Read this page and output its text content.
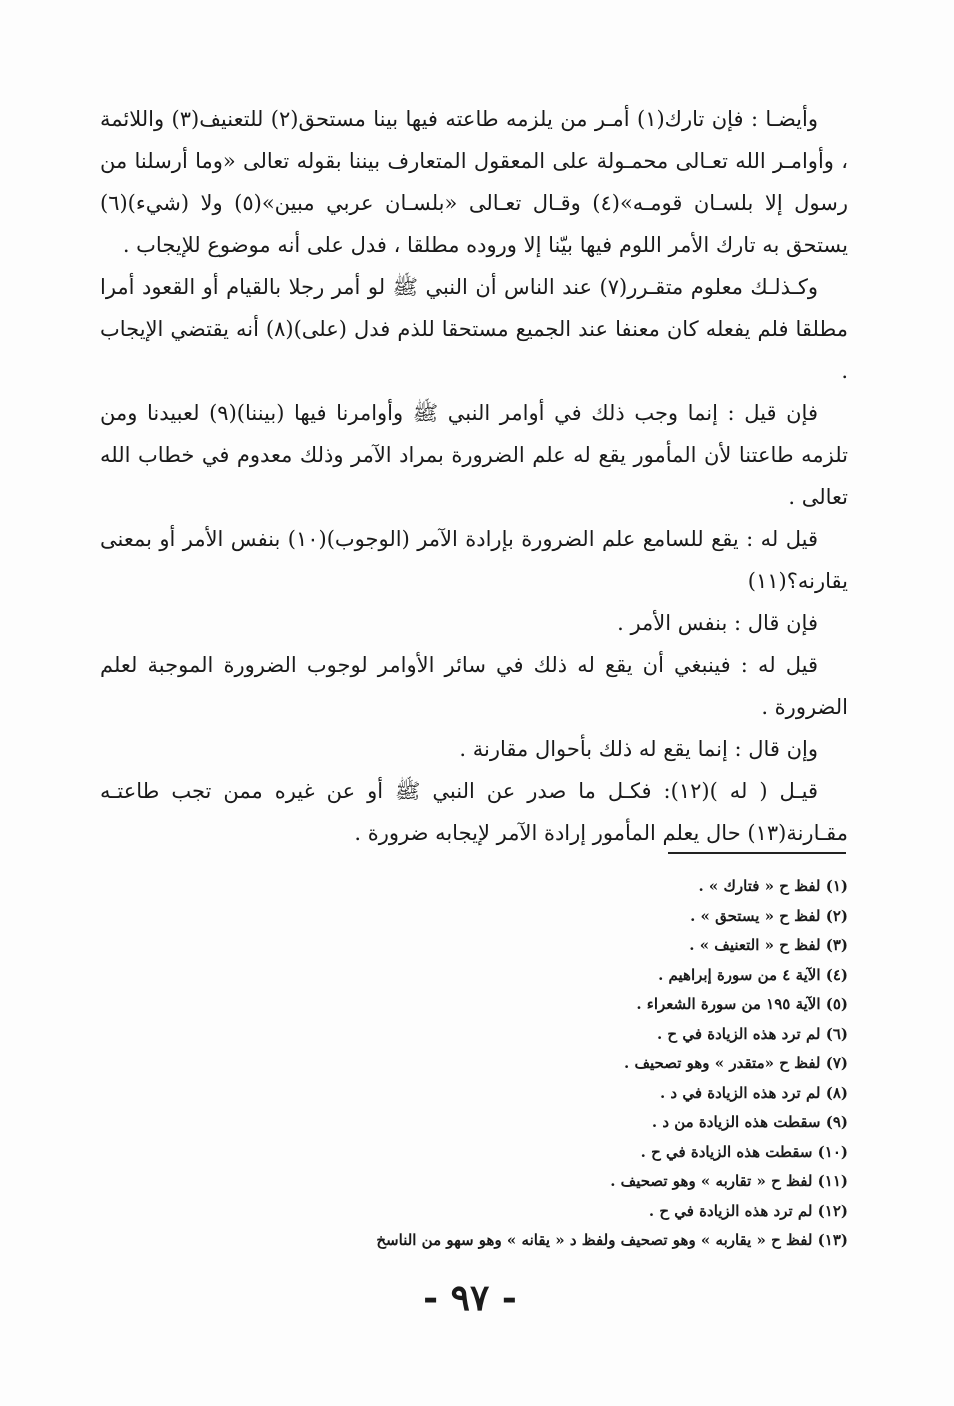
وأيضـا : فإن تارك(١) أمـر من يلزمه طاعته فيها بينا مستحق(٢) للتعنيف(٣) واللائمة ، وأوامـر الله تعـالى محمـولة على المعقول المتعارف بيننا بقوله تعالى «وما أرسلنا من رسول إلا بلسـان قومـه»(٤) وقـال تعـالى «بلسـان عربي مبين»(٥) ولا (شيء)(٦) يستحق به تارك الأمر اللوم فيها بيّنا إلا وروده مطلقا ، فدل على أنه موضوع للإيجاب .

وكـذلـك معلوم متقـرر(٧) عند الناس أن النبي ﷺ لو أمر رجلا بالقيام أو القعود أمرا مطلقا فلم يفعله كان معنفا عند الجميع مستحقا للذم فدل (على)(٨) أنه يقتضي الإيجاب .

فإن قيل : إنما وجب ذلك في أوامر النبي ﷺ وأوامرنا فيها (بيننا)(٩) لعبيدنا ومن تلزمه طاعتنا لأن المأمور يقع له علم الضرورة بمراد الآمر وذلك معدوم في خطاب الله تعالى .

قيل له : يقع للسامع علم الضرورة بإرادة الآمر (الوجوب)(١٠) بنفس الأمر أو بمعنى يقارنه؟(١١)

فإن قال : بنفس الأمر .

قيل له : فينبغي أن يقع له ذلك في سائر الأوامر لوجوب الضرورة الموجبة لعلم الضرورة .

وإن قال : إنما يقع له ذلك بأحوال مقارنة .

قيـل ( له )(١٢): فكـل ما صدر عن النبي ﷺ أو عن غيره ممن تجب طاعتـه مقـارنة(١٣) حال يعلم المأمور إرادة الآمر لإيجابه ضرورة .

(١) لفظ ح « فتارك » .
(٢) لفظ ح « يستحق » .
(٣) لفظ ح « التعنيف » .
(٤) الآية ٤ من سورة إبراهيم .
(٥) الآية ١٩٥ من سورة الشعراء .
(٦) لم ترد هذه الزيادة في ح .
(٧) لفظ ح «متقدر » وهو تصحيف .
(٨) لم ترد هذه الزيادة في د .
(٩) سقطت هذه الزيادة من د .
(١٠) سقطت هذه الزيادة في ح .
(١١) لفظ ح « تقاربه » وهو تصحيف .
(١٢) لم ترد هذه الزيادة في ح .
(١٣) لفظ ح « يقاربه » وهو تصحيف ولفظ د « يقانه » وهو سهو من الناسخ
- ٩٧ -
